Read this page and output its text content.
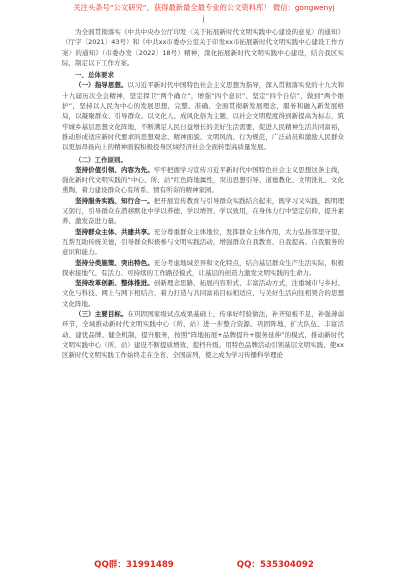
关注头条号“公文研究”，获得最新最全最专业的公文资料库！ 微信：gongwenyj
j

为全面贯彻落实《中共中央办公厅印发〈关于拓展新时代文明实践中心建设的意见〉的通知》（厅字〔2021〕43号）和《中共xx市委办公室关于印发xx市拓展新时代文明实践中心建设工作方案〉的通知》（市委办发〔2022〕18号）精神，深化拓展新时代文明实践中心建设，结合我区实际，制定以下工作方案。

一、总体要求

（一）指导思想。以习近平新时代中国特色社会主义思想为指导，深入贯彻落实党的十九大和十九届历次全会精神，坚定捍卫“两个确立”，增强“四个意识”、坚定“四个自信”、做到“两个维护”，坚持以人民为中心的发展思想，完整、准确、全面贯彻新发展理念，服务和融入新发展格局，以凝聚群众、引导群众、以文化人、成风化俗为主题，以社会文明程度得到新提高为标志，筑牢城乡基层思想文化阵地，不断满足人民日益增长的美好生活需要，促进人民精神生活共同富裕，推动形成适应新时代要求的思想观念、精神面貌、文明风尚、行为规范，广泛动员和激励人民群众以更加昂扬向上的精神面貌积极投身区域经济社会全面转型高质量发展。

（二）工作原则。

坚持价值引领、内容为先。牢牢把握学习宣传习近平新时代中国特色社会主义思想这条主线，强化新时代文明实践的“中心、所、站”红色阵地属性，突出思想引导、道德教化、文明洗礼、文化熏陶，着力建设群众心有所系、情有所寄的精神家园。

坚持服务实践、知行合一。把开展宣传教育与引导群众实践结合起来，既学习又实践，既明理又躬行，引导群众在潜移默化中学以养德、学以增智、学以致用，在身体力行中坚定信仰、提升素养、激发奋进力量。

坚持群众主体、共建共享。充分尊重群众主体地位，发挥群众主体作用，大力弘扬邻里守望、互帮互助传统美德，引导群众积极参与文明实践活动，增强群众自我教育、自我提高、自我服务的意识和能力。

坚持分类施策、突出特色。充分考虑地域差异和文化特点，结合基层群众生产生活实际，积极探索接地气、有活力、可持续的工作路径模式，让基层的创造力激发文明实践的生命力。

坚持改革创新、整体推进。创新理念思路、拓展内容形式、丰富活动方式，注重城市与乡村、文化与科技、网上与网下相结合，着力打造与共同富裕目标相适应、与美好生活向往相契合的思想文化阵地。

（三）主要目标。在巩固国家级试点成果基础上，传承好经验做法，补齐短板不足，补强薄弱环节，全域推动新时代文明实践中心（所、站）进一步整合资源、巩固阵地、扩大队伍、丰富活动、建优品牌、健全机制，提升服务，按照“阵地拓展+品牌提升+服务延伸”的模式，推动新时代文明实践中心（所、站）建设不断提质增效、提档升级。用特色品牌活动引领基层文明实践，使xx区新时代文明实践工作始终走在全省、全国前列，使之成为学习传播科学理论

QQ群：31991489	QQ：535304092
